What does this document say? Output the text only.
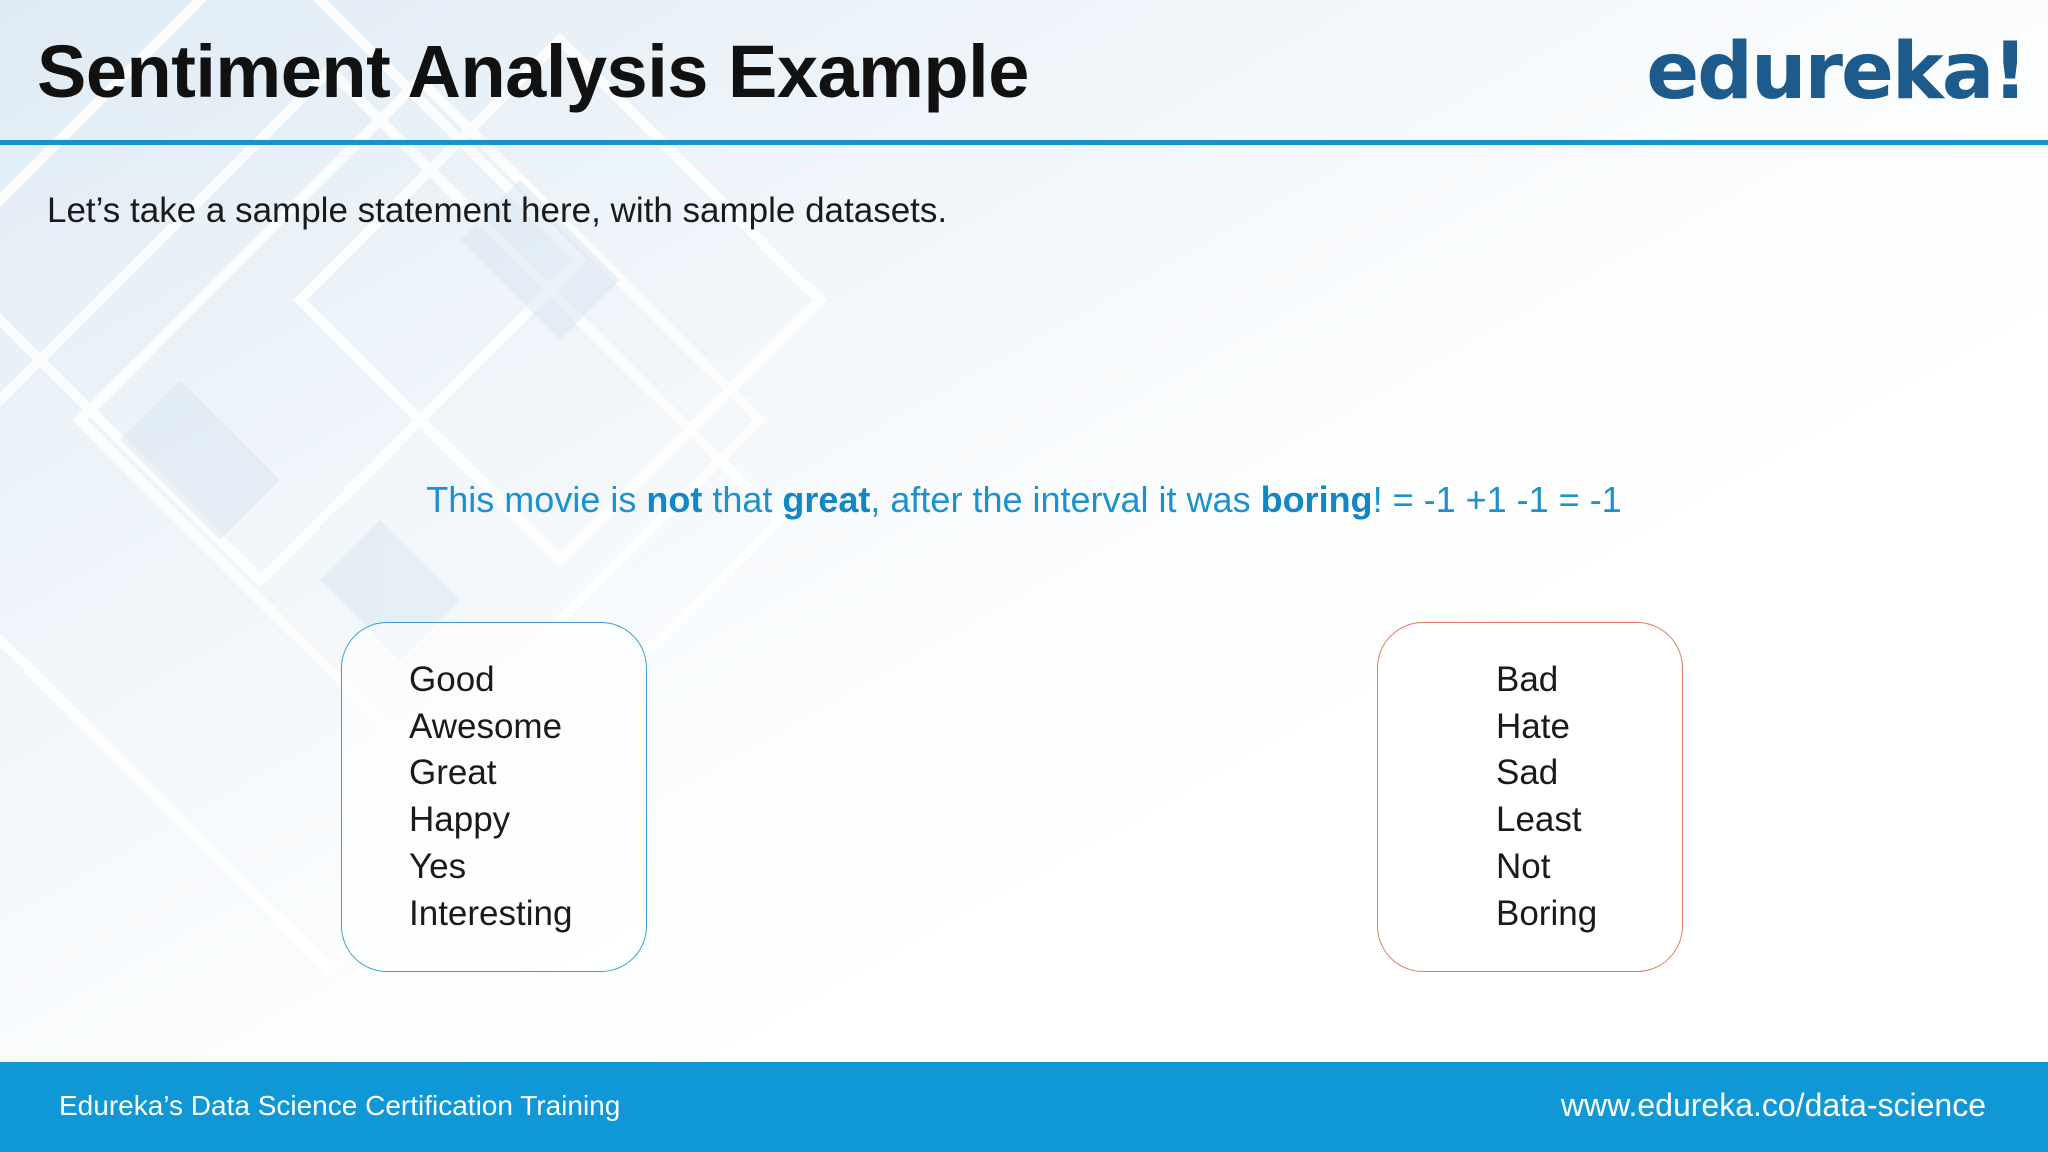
Sentiment Analysis Example	edureka!

Let’s take a sample statement here, with sample datasets.

This movie is not that great, after the interval it was boring! = -1 +1 -1 = -1
Good
Awesome
Great
Happy
Yes
Interesting
Bad
Hate
Sad
Least
Not
Boring
Edureka’s Data Science Certification Training	www.edureka.co/data-science
